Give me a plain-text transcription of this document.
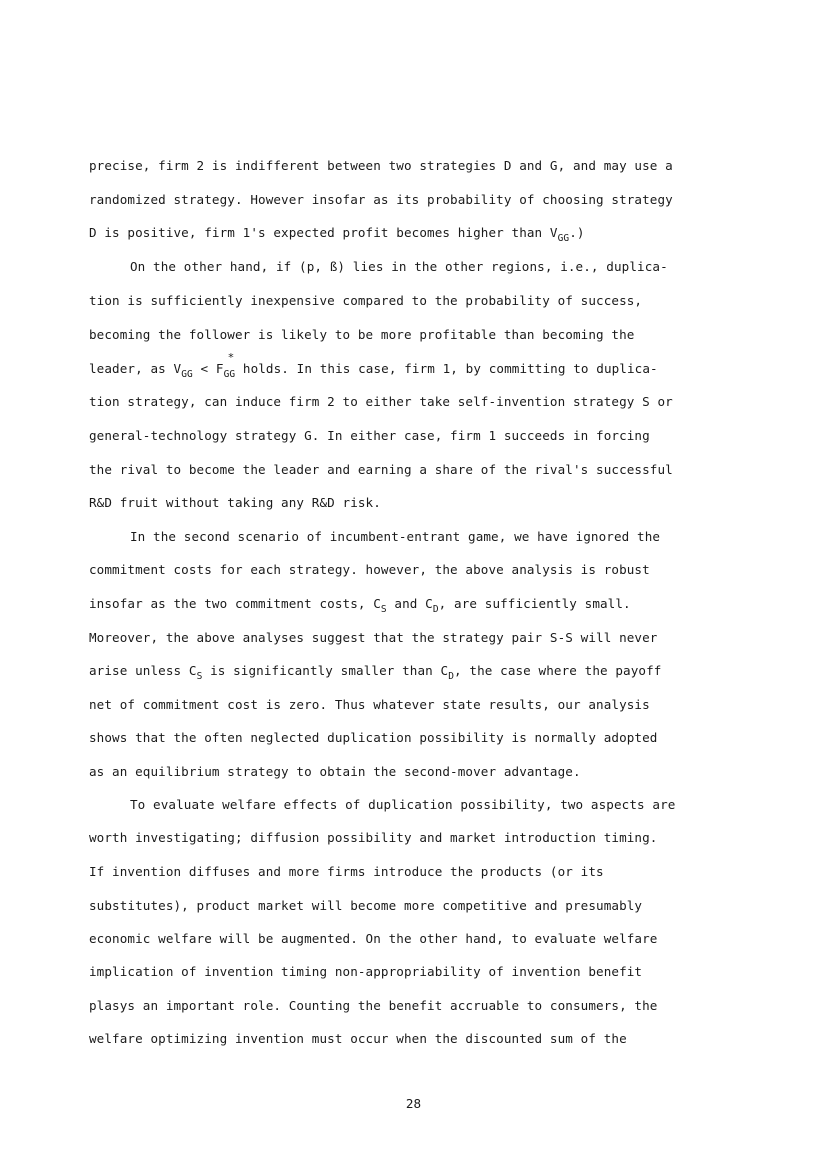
precise, firm 2 is indifferent between two strategies D and G, and may use a
randomized strategy. However insofar as its probability of choosing strategy
D is positive, firm 1's expected profit becomes higher than $V_{GG}$.)
On the other hand, if (p, ß) lies in the other regions, i.e., duplica-
tion is sufficiently inexpensive compared to the probability of success,
becoming the follower is likely to be more profitable than becoming the
leader, as $V_{GG} < F$
*
$_{GG}$ holds. In this case, firm 1, by committing to duplica-
tion strategy, can induce firm 2 to either take self-invention strategy S or
general-technology strategy G. In either case, firm 1 succeeds in forcing
the rival to become the leader and earning a share of the rival's successful
R&D fruit without taking any R&D risk.
In the second scenario of incumbent-entrant game, we have ignored the
commitment costs for each strategy. however, the above analysis is robust
insofar as the two commitment costs, $C_S$ and $C_D$, are sufficiently small.
Moreover, the above analyses suggest that the strategy pair S-S will never
arise unless $C_S$ is significantly smaller than $C_D$, the case where the payoff
net of commitment cost is zero. Thus whatever state results, our analysis
shows that the often neglected duplication possibility is normally adopted
as an equilibrium strategy to obtain the second-mover advantage.
To evaluate welfare effects of duplication possibility, two aspects are
worth investigating; diffusion possibility and market introduction timing.
If invention diffuses and more firms introduce the products (or its
substitutes), product market will become more competitive and presumably
economic welfare will be augmented. On the other hand, to evaluate welfare
implication of invention timing non-appropriability of invention benefit
plasys an important role. Counting the benefit accruable to consumers, the
welfare optimizing invention must occur when the discounted sum of the
28
